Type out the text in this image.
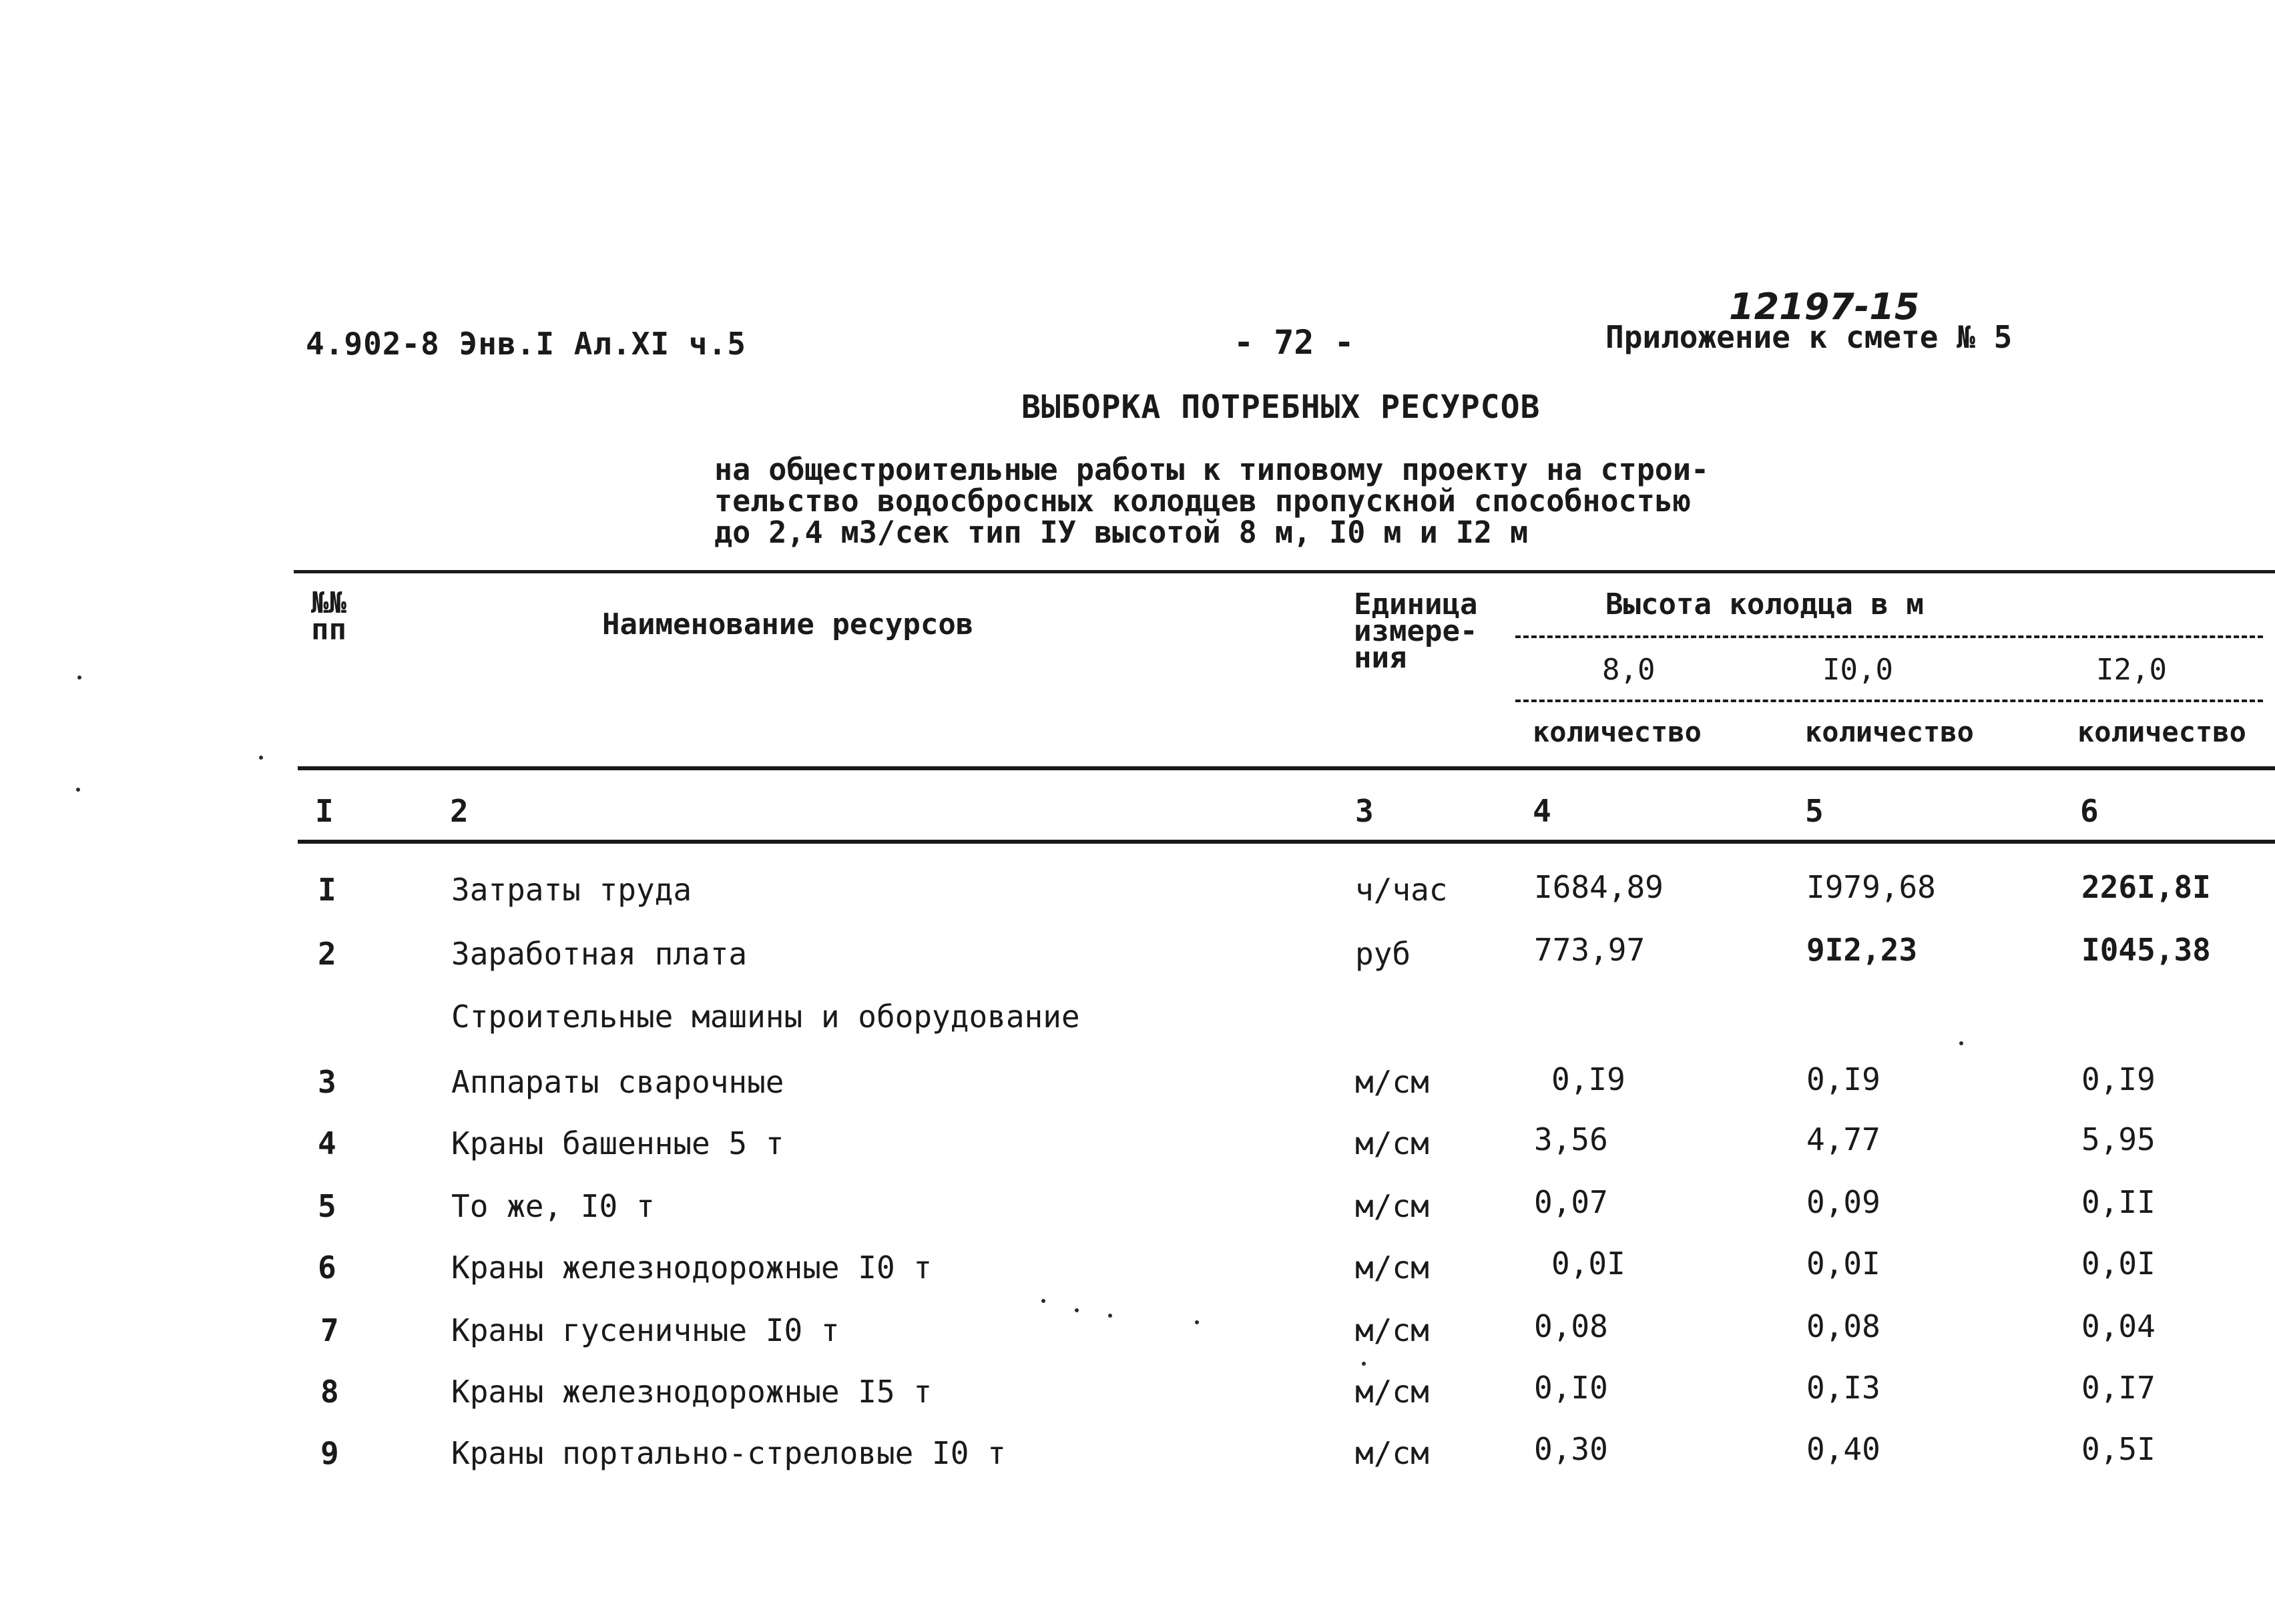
4.902-8 Энв.I Ал.XI ч.5	- 72 -
12197-15
Приложение к смете № 5
ВЫБОРКА ПОТРЕБНЫХ РЕСУРСОВ
на общестроительные работы к типовому проекту на строи-
тельство водосбросных колодцев пропускной способностью
до 2,4 м3/сек тип IУ высотой 8 м, I0 м и I2 м
№№
пп	Наименование ресурсов
Единица
измере-
ния
Высота колодца в м
8,0	I0,0	I2,0
количество	количество	количество
I	2	3	4	5	6
I	Затраты труда	ч/час	I684,89	I979,68	226I,8I
2	Заработная плата	руб	773,97	9I2,23	I045,38
Строительные машины и оборудование
3	Аппараты сварочные	м/см	0,I9	0,I9	0,I9
4	Краны башенные 5 т	м/см	3,56	4,77	5,95
5	То же, I0 т	м/см	0,07	0,09	0,II
6	Краны железнодорожные I0 т	м/см	0,0I	0,0I	0,0I
7	Краны гусеничные I0 т	м/см	0,08	0,08	0,04
8	Краны железнодорожные I5 т	м/см	0,I0	0,I3	0,I7
9	Краны портально-стреловые I0 т	м/см	0,30	0,40	0,5I
